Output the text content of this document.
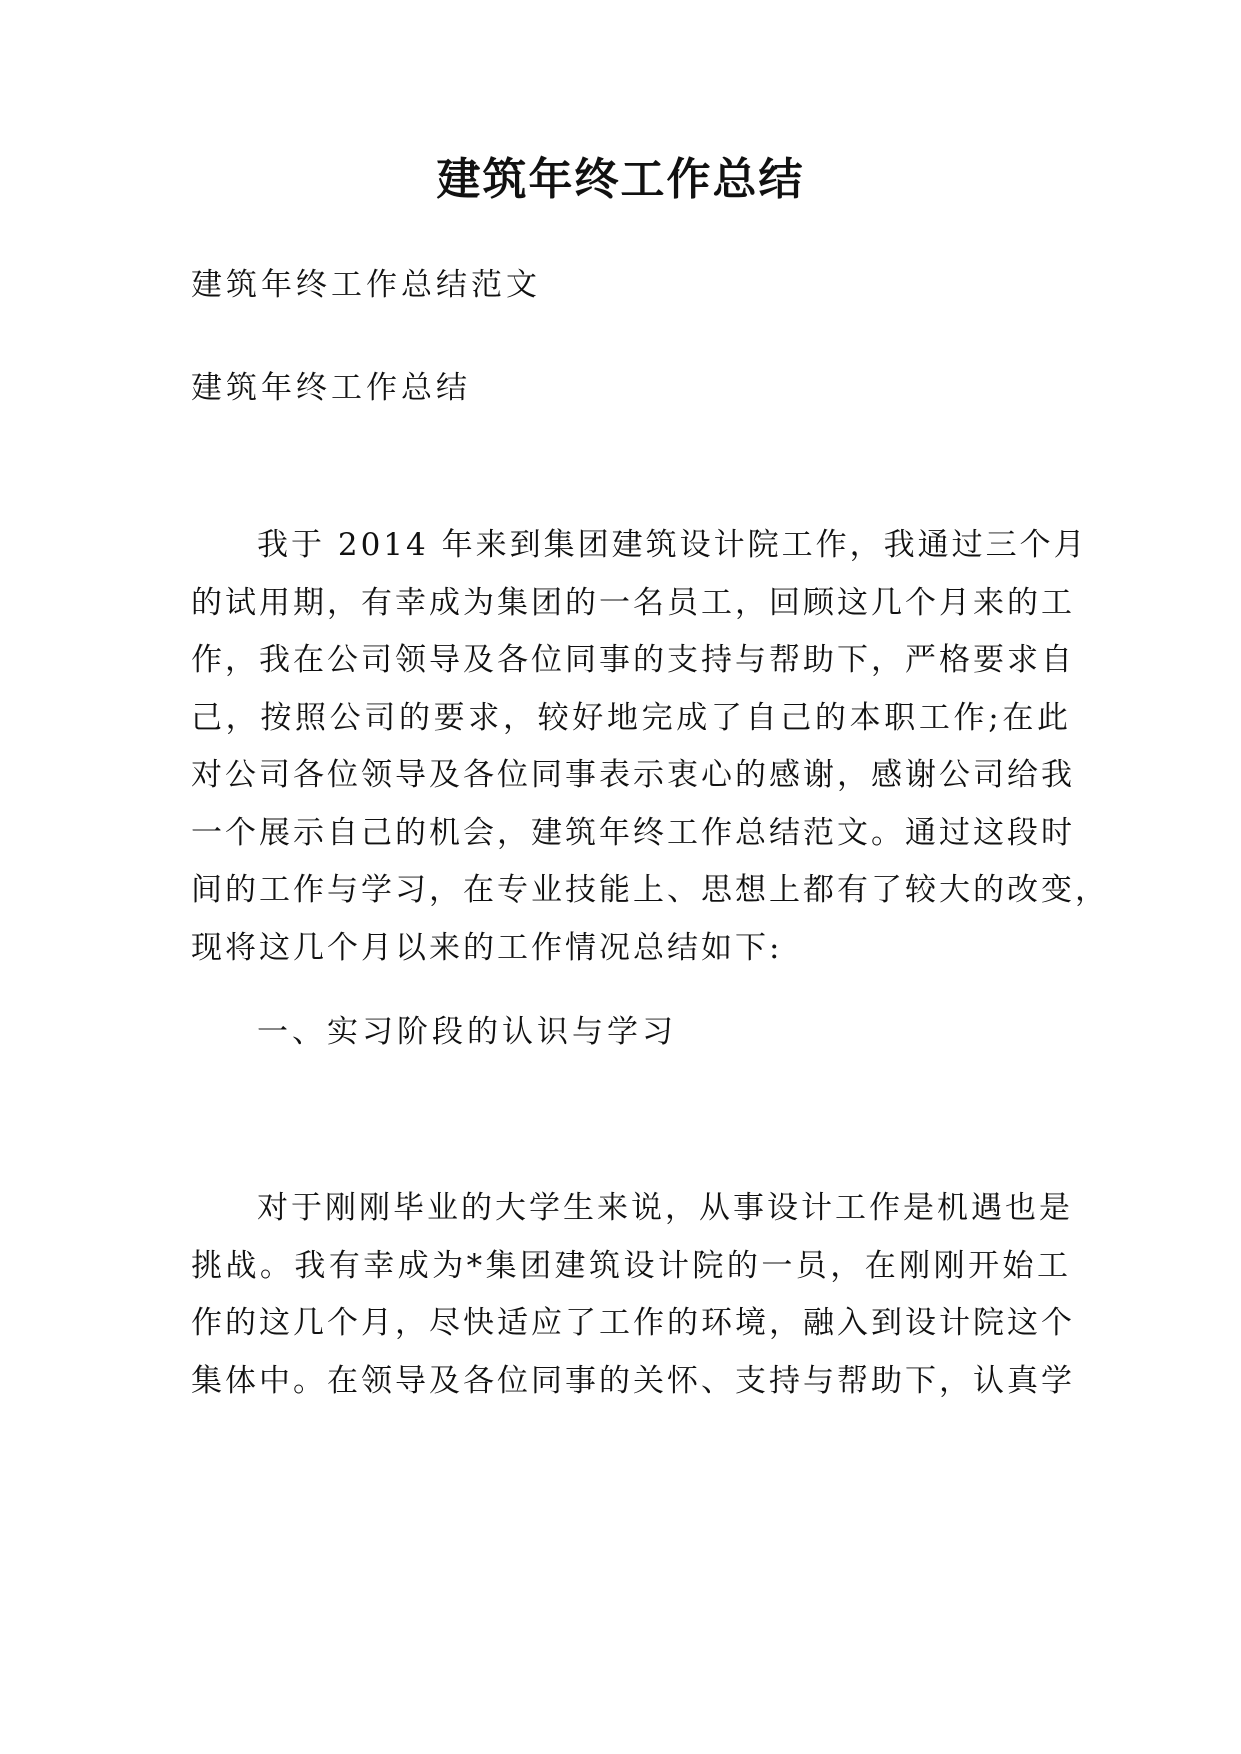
建筑年终工作总结
建筑年终工作总结范文
建筑年终工作总结
我于 2014 年来到集团建筑设计院工作，我通过三个月
的试用期，有幸成为集团的一名员工，回顾这几个月来的工
作，我在公司领导及各位同事的支持与帮助下，严格要求自
己，按照公司的要求，较好地完成了自己的本职工作;在此
对公司各位领导及各位同事表示衷心的感谢，感谢公司给我
一个展示自己的机会，建筑年终工作总结范文。通过这段时
间的工作与学习，在专业技能上、思想上都有了较大的改变，
现将这几个月以来的工作情况总结如下:
一、实习阶段的认识与学习
对于刚刚毕业的大学生来说，从事设计工作是机遇也是
挑战。我有幸成为*集团建筑设计院的一员，在刚刚开始工
作的这几个月，尽快适应了工作的环境，融入到设计院这个
集体中。在领导及各位同事的关怀、支持与帮助下，认真学
